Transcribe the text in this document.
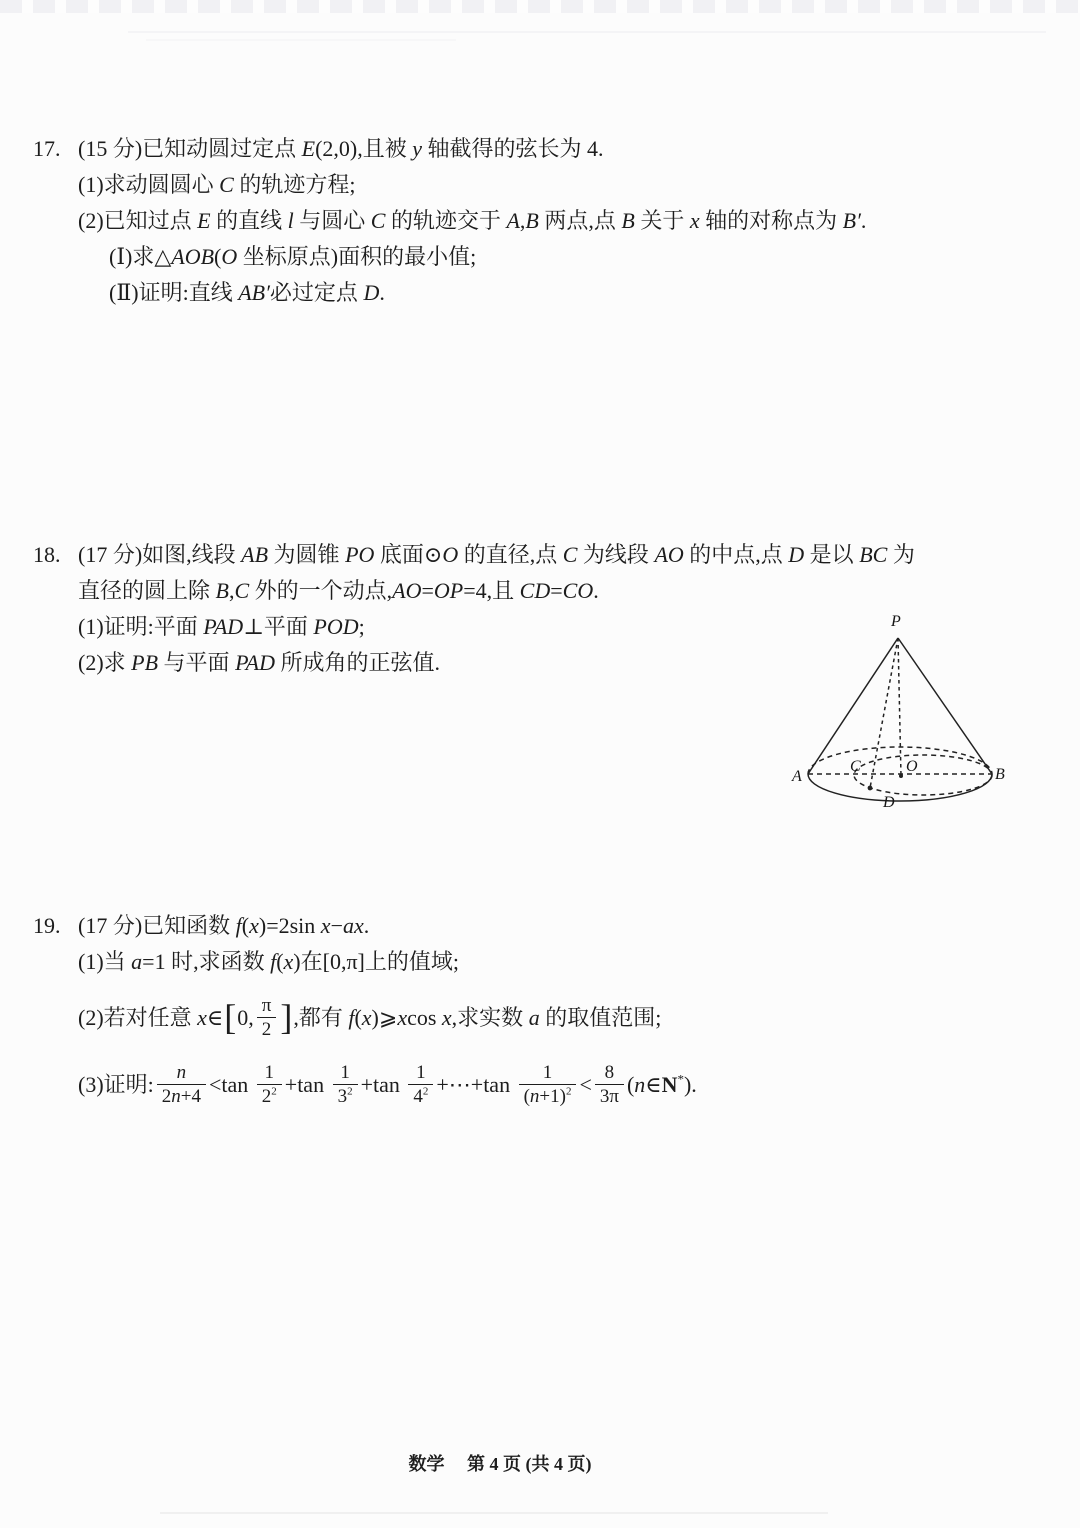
17. (15 分)已知动圆过定点 E(2,0),且被 y 轴截得的弦长为 4.
(1)求动圆圆心 C 的轨迹方程;
(2)已知过点 E 的直线 l 与圆心 C 的轨迹交于 A,B 两点,点 B 关于 x 轴的对称点为 B′.
(Ⅰ)求△AOB(O 坐标原点)面积的最小值;
(Ⅱ)证明:直线 AB′必过定点 D.
18. (17 分)如图,线段 AB 为圆锥 PO 底面⊙O 的直径,点 C 为线段 AO 的中点,点 D 是以 BC 为
直径的圆上除 B,C 外的一个动点,AO=OP=4,且 CD=CO.
(1)证明:平面 PAD⊥平面 POD;
(2)求 PB 与平面 PAD 所成角的正弦值.
P
A	B
C	O
D
19. (17 分)已知函数 f(x)=2sin x−ax.
(1)当 a=1 时,求函数 f(x)在[0,π]上的值域;
(2)若对任意 x∈[0, $\frac{\pi}{2}$ ],都有 f(x)⩾xcos x,求实数 a 的取值范围;
(3)证明: $\frac{n}{2n+4} <\tan \frac{1}{2^2} +\tan \frac{1}{3^2} +\tan \frac{1}{4^2}$ +⋯+tan $\frac{1}{(n+1)^2} < \frac{8}{3\pi}$ (n∈N*).
数学 第 4 页 (共 4 页)
